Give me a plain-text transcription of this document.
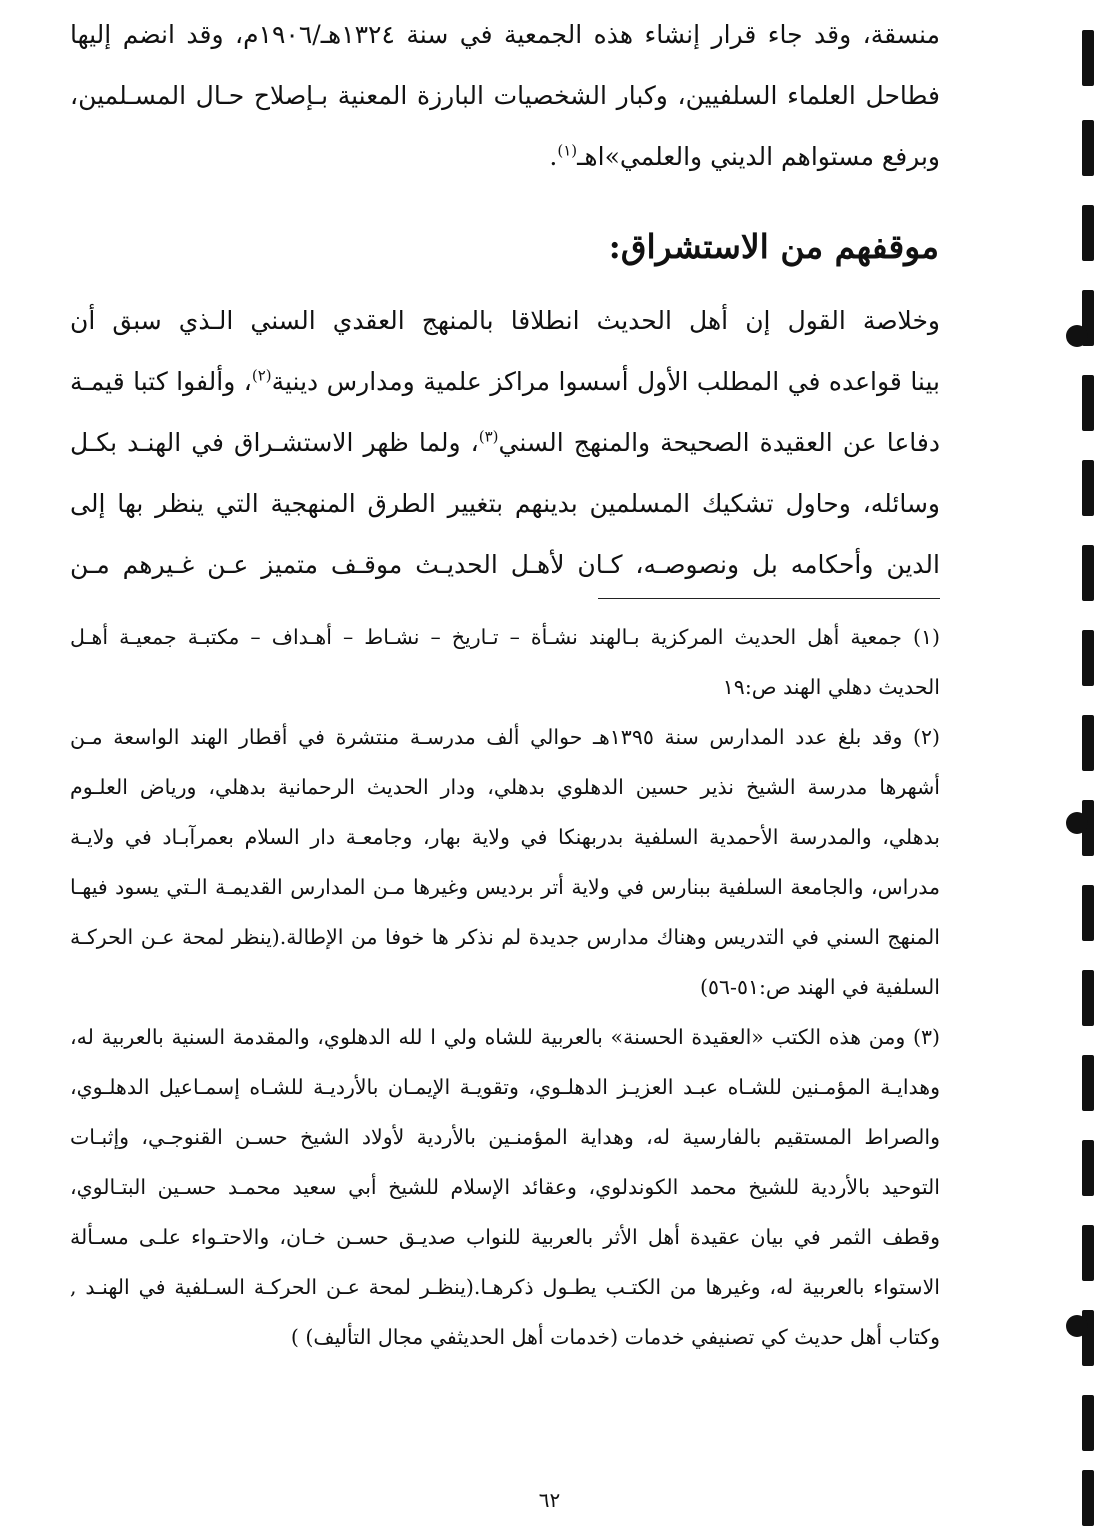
منسقة، وقد جاء قرار إنشاء هذه الجمعية في سنة ١٣٢٤هـ/١٩٠٦م، وقد انضم إليها
فطاحل العلماء السلفيين، وكبار الشخصيات البارزة المعنية بـإصلاح حـال المسـلمين،
وبرفع مستواهم الديني والعلمي»اهـ$^{(١)}$.
موقفهم من الاستشراق:
وخلاصة القول إن أهل الحديث انطلاقا بالمنهج العقدي السني الـذي سبق أن
بينا قواعده في المطلب الأول أسسوا مراكز علمية ومدارس دينية$^{(٢)}$، وألفوا كتبا قيمـة
دفاعا عن العقيدة الصحيحة والمنهج السني$^{(٣)}$، ولما ظهر الاستشـراق في الهنـد بكـل
وسائله، وحاول تشكيك المسلمين بدينهم بتغيير الطرق المنهجية التي ينظر بها إلى
الدين وأحكامه بل ونصوصـه، كـان لأهـل الحديـث موقـف متميز عـن غـيرهم مـن
(١) جمعية أهل الحديث المركزية بـالهند نشـأة – تـاريخ – نشـاط – أهـداف – مكتبـة جمعيـة أهـل
الحديث دهلي الهند ص:١٩
(٢) وقد بلغ عدد المدارس سنة ١٣٩٥هـ حوالي ألف مدرسـة منتشرة في أقطار الهند الواسعة مـن
أشهرها مدرسة الشيخ نذير حسين الدهلوي بدهلي، ودار الحديث الرحمانية بدهلي، ورياض العلـوم
بدهلي، والمدرسة الأحمدية السلفية بدربهنكا في ولاية بهار، وجامعـة دار السلام بعمرآبـاد في ولايـة
مدراس، والجامعة السلفية ببنارس في ولاية أتر برديس وغيرها مـن المدارس القديمـة الـتي يسود فيهـا
المنهج السني في التدريس وهناك مدارس جديدة لم نذكر ها خوفا من الإطالة.(ينظر لمحة عـن الحركـة
السلفية في الهند ص:٥١-٥٦)
(٣) ومن هذه الكتب «العقيدة الحسنة» بالعربية للشاه ولي ا لله الدهلوي، والمقدمة السنية بالعربية له،
وهدايـة المؤمـنين للشـاه عبـد العزيـز الدهلـوي، وتقويـة الإيمـان بالأرديـة للشـاه إسمـاعيل الدهلـوي،
والصراط المستقيم بالفارسية له، وهداية المؤمنـين بالأردية لأولاد الشيخ حسـن القنوجـي، وإثبـات
التوحيد بالأردية للشيخ محمد الكوندلوي، وعقائد الإسلام للشيخ أبي سعيد محمـد حسـين البتـالوي،
وقطف الثمر في بيان عقيدة أهل الأثر بالعربية للنواب صديـق حسـن خـان، والاحتـواء علـى مسـألة
الاستواء بالعربية له، وغيرها من الكتـب يطـول ذكرهـا.(ينظـر لمحة عـن الحركـة السـلفية في الهنـد ,
وكتاب أهل حديث كي تصنيفي خدمات (خدمات أهل الحديثفي مجال التأليف) )
٦٢
